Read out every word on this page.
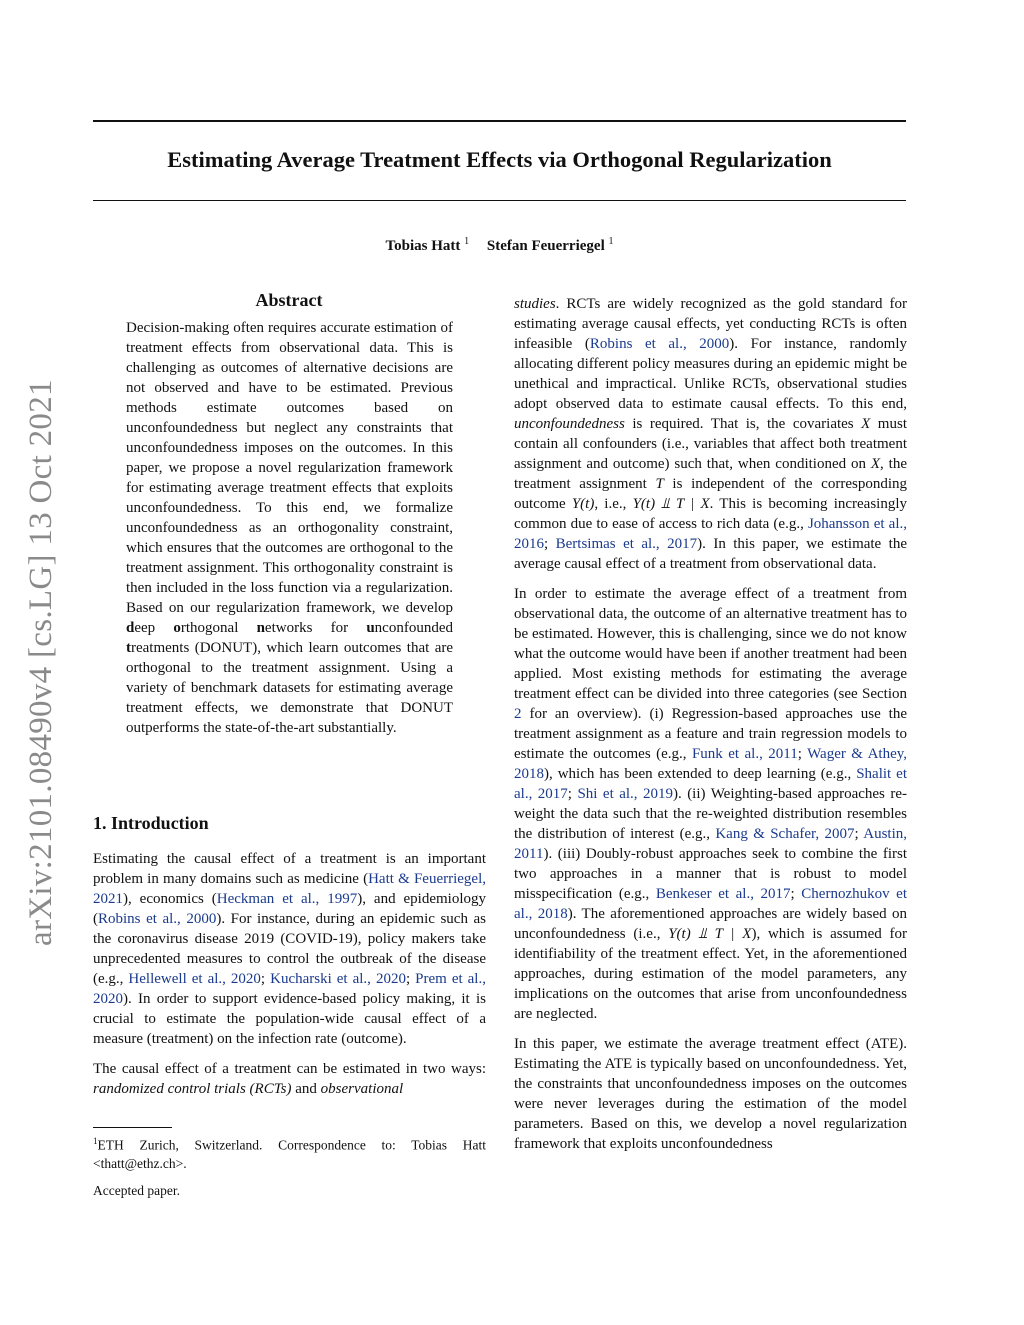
Estimating Average Treatment Effects via Orthogonal Regularization
Tobias Hatt $^1$ Stefan Feuerriegel $^1$
arXiv:2101.08490v4 [cs.LG] 13 Oct 2021
Abstract
Decision-making often requires accurate estimation of treatment effects from observational data. This is challenging as outcomes of alternative decisions are not observed and have to be estimated. Previous methods estimate outcomes based on unconfoundedness but neglect any constraints that unconfoundedness imposes on the outcomes. In this paper, we propose a novel regularization framework for estimating average treatment effects that exploits unconfoundedness. To this end, we formalize unconfoundedness as an orthogonality constraint, which ensures that the outcomes are orthogonal to the treatment assignment. This orthogonality constraint is then included in the loss function via a regularization. Based on our regularization framework, we develop deep orthogonal networks for unconfounded treatments (DONUT), which learn outcomes that are orthogonal to the treatment assignment. Using a variety of benchmark datasets for estimating average treatment effects, we demonstrate that DONUT outperforms the state-of-the-art substantially.
1. Introduction

Estimating the causal effect of a treatment is an important problem in many domains such as medicine (Hatt & Feuerriegel, 2021), economics (Heckman et al., 1997), and epidemiology (Robins et al., 2000). For instance, during an epidemic such as the coronavirus disease 2019 (COVID-19), policy makers take unprecedented measures to control the outbreak of the disease (e.g., Hellewell et al., 2020; Kucharski et al., 2020; Prem et al., 2020). In order to support evidence-based policy making, it is crucial to estimate the population-wide causal effect of a measure (treatment) on the infection rate (outcome).

The causal effect of a treatment can be estimated in two ways: randomized control trials (RCTs) and observational

$^1$ETH Zurich, Switzerland. Correspondence to: Tobias Hatt <thatt@ethz.ch>.
Accepted paper.

studies. RCTs are widely recognized as the gold standard for estimating average causal effects, yet conducting RCTs is often infeasible (Robins et al., 2000). For instance, randomly allocating different policy measures during an epidemic might be unethical and impractical. Unlike RCTs, observational studies adopt observed data to estimate causal effects. To this end, unconfoundedness is required. That is, the covariates X must contain all confounders (i.e., variables that affect both treatment assignment and outcome) such that, when conditioned on X, the treatment assignment T is independent of the corresponding outcome Y(t), i.e., Y(t) ⫫ T | X. This is becoming increasingly common due to ease of access to rich data (e.g., Johansson et al., 2016; Bertsimas et al., 2017). In this paper, we estimate the average causal effect of a treatment from observational data.

In order to estimate the average effect of a treatment from observational data, the outcome of an alternative treatment has to be estimated. However, this is challenging, since we do not know what the outcome would have been if another treatment had been applied. Most existing methods for estimating the average treatment effect can be divided into three categories (see Section 2 for an overview). (i) Regression-based approaches use the treatment assignment as a feature and train regression models to estimate the outcomes (e.g., Funk et al., 2011; Wager & Athey, 2018), which has been extended to deep learning (e.g., Shalit et al., 2017; Shi et al., 2019). (ii) Weighting-based approaches re-weight the data such that the re-weighted distribution resembles the distribution of interest (e.g., Kang & Schafer, 2007; Austin, 2011). (iii) Doubly-robust approaches seek to combine the first two approaches in a manner that is robust to model misspecification (e.g., Benkeser et al., 2017; Chernozhukov et al., 2018). The aforementioned approaches are widely based on unconfoundedness (i.e., Y(t) ⫫ T | X), which is assumed for identifiability of the treatment effect. Yet, in the aforementioned approaches, during estimation of the model parameters, any implications on the outcomes that arise from unconfoundedness are neglected.

In this paper, we estimate the average treatment effect (ATE). Estimating the ATE is typically based on unconfoundedness. Yet, the constraints that unconfoundedness imposes on the outcomes were never leverages during the estimation of the model parameters. Based on this, we develop a novel regularization framework that exploits unconfoundedness
